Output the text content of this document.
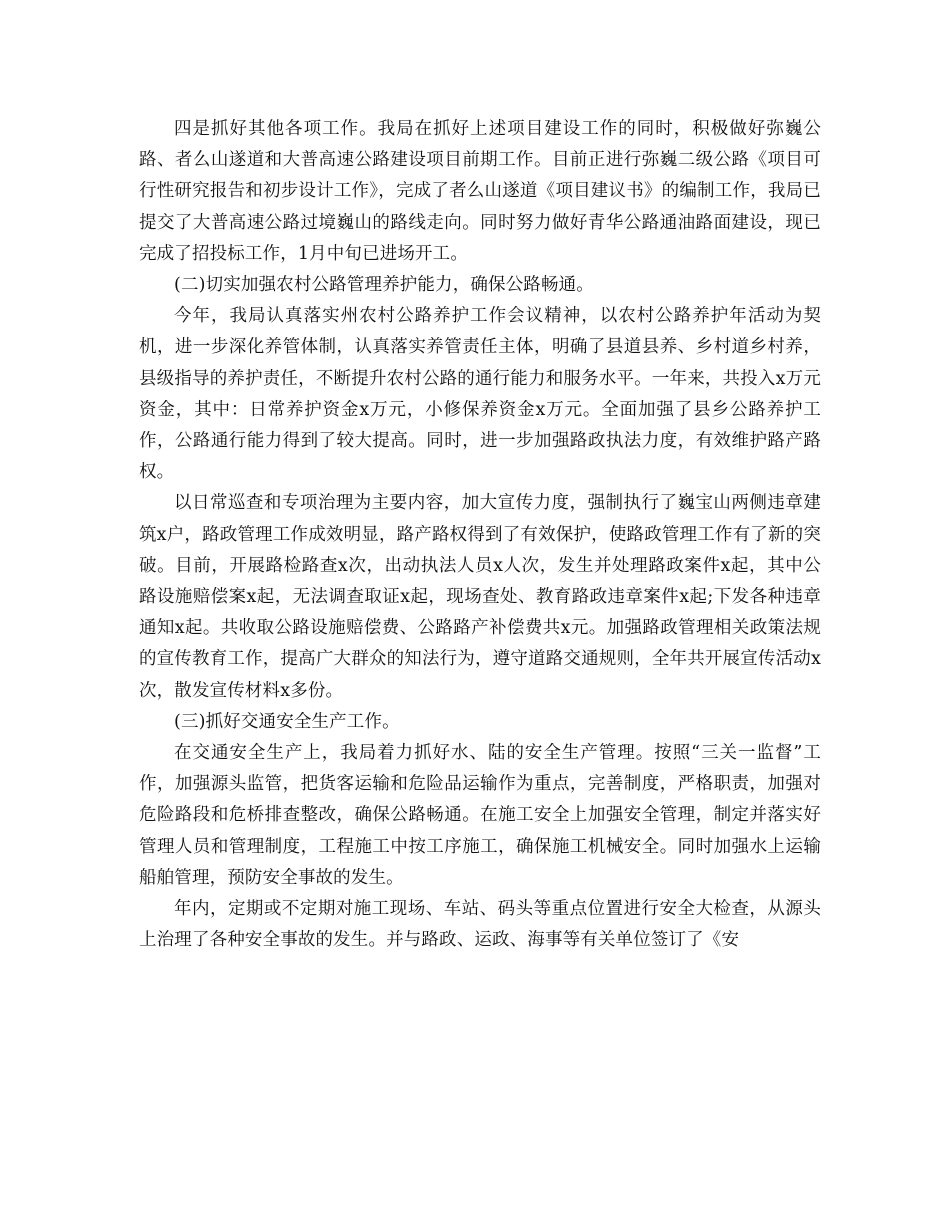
四是抓好其他各项工作。我局在抓好上述项目建设工作的同时，积极做好弥巍公路、者么山遂道和大普高速公路建设项目前期工作。目前正进行弥巍二级公路《项目可行性研究报告和初步设计工作》，完成了者么山遂道《项目建议书》的编制工作，我局已提交了大普高速公路过境巍山的路线走向。同时努力做好青华公路通油路面建设，现已完成了招投标工作，1月中旬已进场开工。

(二)切实加强农村公路管理养护能力，确保公路畅通。

今年，我局认真落实州农村公路养护工作会议精神，以农村公路养护年活动为契机，进一步深化养管体制，认真落实养管责任主体，明确了县道县养、乡村道乡村养，县级指导的养护责任，不断提升农村公路的通行能力和服务水平。一年来，共投入x万元资金，其中：日常养护资金x万元，小修保养资金x万元。全面加强了县乡公路养护工作，公路通行能力得到了较大提高。同时，进一步加强路政执法力度，有效维护路产路权。

以日常巡查和专项治理为主要内容，加大宣传力度，强制执行了巍宝山两侧违章建筑x户，路政管理工作成效明显，路产路权得到了有效保护，使路政管理工作有了新的突破。目前，开展路检路查x次，出动执法人员x人次，发生并处理路政案件x起，其中公路设施赔偿案x起，无法调查取证x起，现场查处、教育路政违章案件x起;下发各种违章通知x起。共收取公路设施赔偿费、公路路产补偿费共x元。加强路政管理相关政策法规的宣传教育工作，提高广大群众的知法行为，遵守道路交通规则，全年共开展宣传活动x次，散发宣传材料x多份。

(三)抓好交通安全生产工作。

在交通安全生产上，我局着力抓好水、陆的安全生产管理。按照“三关一监督”工作，加强源头监管，把货客运输和危险品运输作为重点，完善制度，严格职责，加强对危险路段和危桥排查整改，确保公路畅通。在施工安全上加强安全管理，制定并落实好管理人员和管理制度，工程施工中按工序施工，确保施工机械安全。同时加强水上运输船舶管理，预防安全事故的发生。

年内，定期或不定期对施工现场、车站、码头等重点位置进行安全大检查，从源头上治理了各种安全事故的发生。并与路政、运政、海事等有关单位签订了《安
